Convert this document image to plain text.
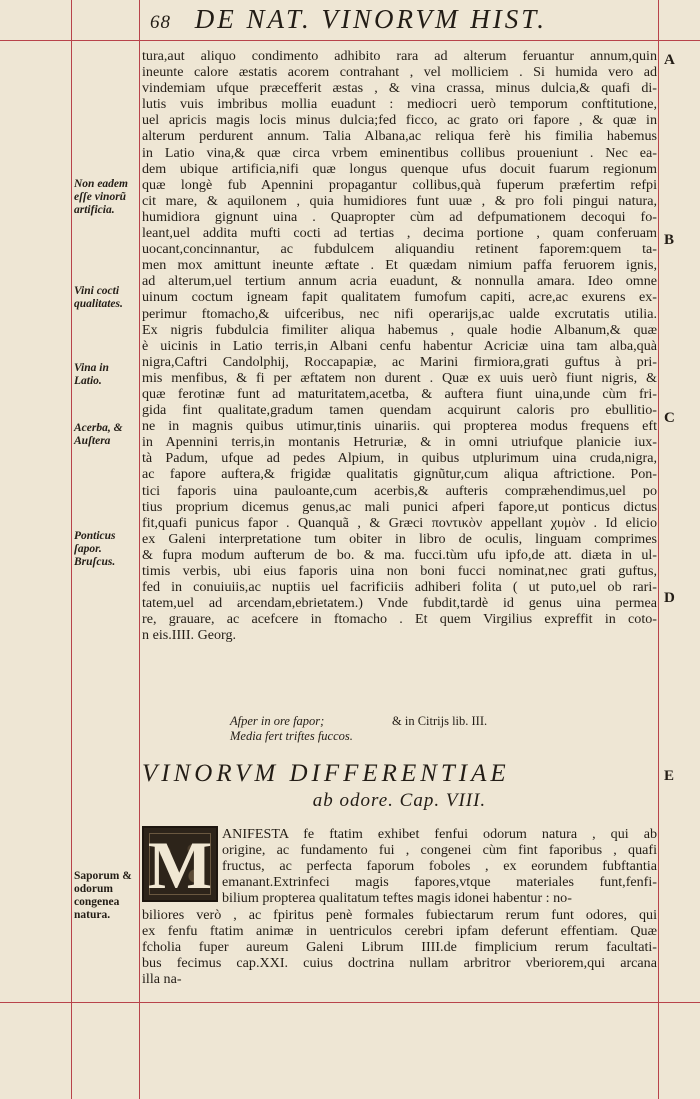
68 DE NAT. VINORVM HIST.
tura,aut aliquo condimento adhibito rara ad alterum feruantur annum,quin
ineunte calore æstatis acorem contrahant , vel molliciem . Si humida vero ad
vindemiam ufque præcefferit æstas , & vina crassa, minus dulcia,& quafi di-
lutis vuis imbribus mollia euadunt : mediocri uerò temporum conftitutione,
uel apricis magis locis minus dulcia;fed ficco, ac grato ori fapore , & quæ in
alterum perdurent annum. Talia Albana,ac reliqua ferè his fimilia habemus
in Latio vina,& quæ circa vrbem eminentibus collibus proueniunt . Nec ea-
dem ubique artificia,nifi quæ longus quenque ufus docuit fuarum regionum
quæ longè fub Apennini propagantur collibus,quà fuperum præfertim refpi
cit mare, & aquilonem , quia humidiores funt uuæ , & pro foli pingui natura,
humidiora gignunt uina . Quapropter cùm ad defpumationem decoqui fo-
leant,uel addita mufti cocti ad tertias , decima portione , quam conferuam
uocant,concinnantur, ac fubdulcem aliquandiu retinent faporem:quem ta-
men mox amittunt ineunte æftate . Et quædam nimium paffa feruorem ignis,
ad alterum,uel tertium annum acria euadunt, & nonnulla amara. Ideo omne
uinum coctum igneam fapit qualitatem fumofum capiti, acre,ac exurens ex-
perimur ftomacho,& uifceribus, nec nifi operarijs,ac ualde excrutatis utilia.
Ex nigris fubdulcia fimiliter aliqua habemus , quale hodie Albanum,& quæ
è uicinis in Latio terris,in Albani cenfu habentur Acriciæ uina tam alba,quà
nigra,Caftri Candolphij, Roccapapiæ, ac Marini firmiora,grati guftus à pri-
mis menfibus, & fi per æftatem non durent . Quæ ex uuis uerò fiunt nigris, &
quæ ferotinæ funt ad maturitatem,acetba, & auftera fiunt uina,unde cùm fri-
gida fint qualitate,gradum tamen quendam acquirunt caloris pro ebullitio-
ne in magnis quibus utimur,tinis uinariis. qui propterea modus frequens eft
in Apennini terris,in montanis Hetruriæ, & in omni utriufque planicie iux-
tà Padum, ufque ad pedes Alpium, in quibus utplurimum uina cruda,nigra,
ac fapore auftera,& frigidæ qualitatis gignũtur,cum aliqua aftrictione. Pon-
tici faporis uina pauloante,cum acerbis,& aufteris compræhendimus,uel po
tius proprium dicemus genus,ac mali punici afperi fapore,ut ponticus dictus
fit,quafi punicus fapor . Quanquã , & Græci πoντικὸν appellant χυμὸν . Id elicio
ex Galeni interpretatione tum obiter in libro de oculis, linguam comprimes
& fupra modum aufterum de bo. & ma. fucci.tùm ufu ipfo,de att. diæta in ul-
timis verbis, ubi eius faporis uina non boni fucci nominat,nec grati guftus,
fed in conuiuiis,ac nuptiis uel facrificiis adhiberi folita ( ut puto,uel ob rari-
tatem,uel ad arcendam,ebrietatem.) Vnde fubdit,tardè id genus uina permea
re, grauare, ac acefcere in ftomacho . Et quem Virgilius expreffit in coto-
n eis.IIII. Georg.
Afper in ore fapor;
Media fert triftes fuccos.
& in Citrijs lib. III.
VINORVM DIFFERENTIAE
ab odore. Cap. VIII.
M ANIFESTA fe ftatim exhibet fenfui odorum natura , qui ab
origine, ac fundamento fui , congenei cùm fint faporibus , quafi
fructus, ac perfecta faporum foboles , ex eorundem fubftantia
emanant.Extrinfeci magis fapores,vtque materiales funt,fenfi-
bilium propterea qualitatum teftes magis idonei habentur : no-
biliores verò , ac fpiritus penè formales fubiectarum rerum funt odores, qui
ex fenfu ftatim animæ in uentriculos cerebri ipfam deferunt effentiam. Quæ
fcholia fuper aureum Galeni Librum IIII.de fimplicium rerum facultati-
bus fecimus cap.XXI. cuius doctrina nullam arbritror vberiorem,qui arcana
illa na-
Non eadem eſſe vinorũ artificia.
Vini cocti qualitates.
Vina in Latio.
Acerba, & Auſtera
Ponticus ſapor. Bruſcus.
Saporum & odorum congenea natura.
A
B
C
D
E
